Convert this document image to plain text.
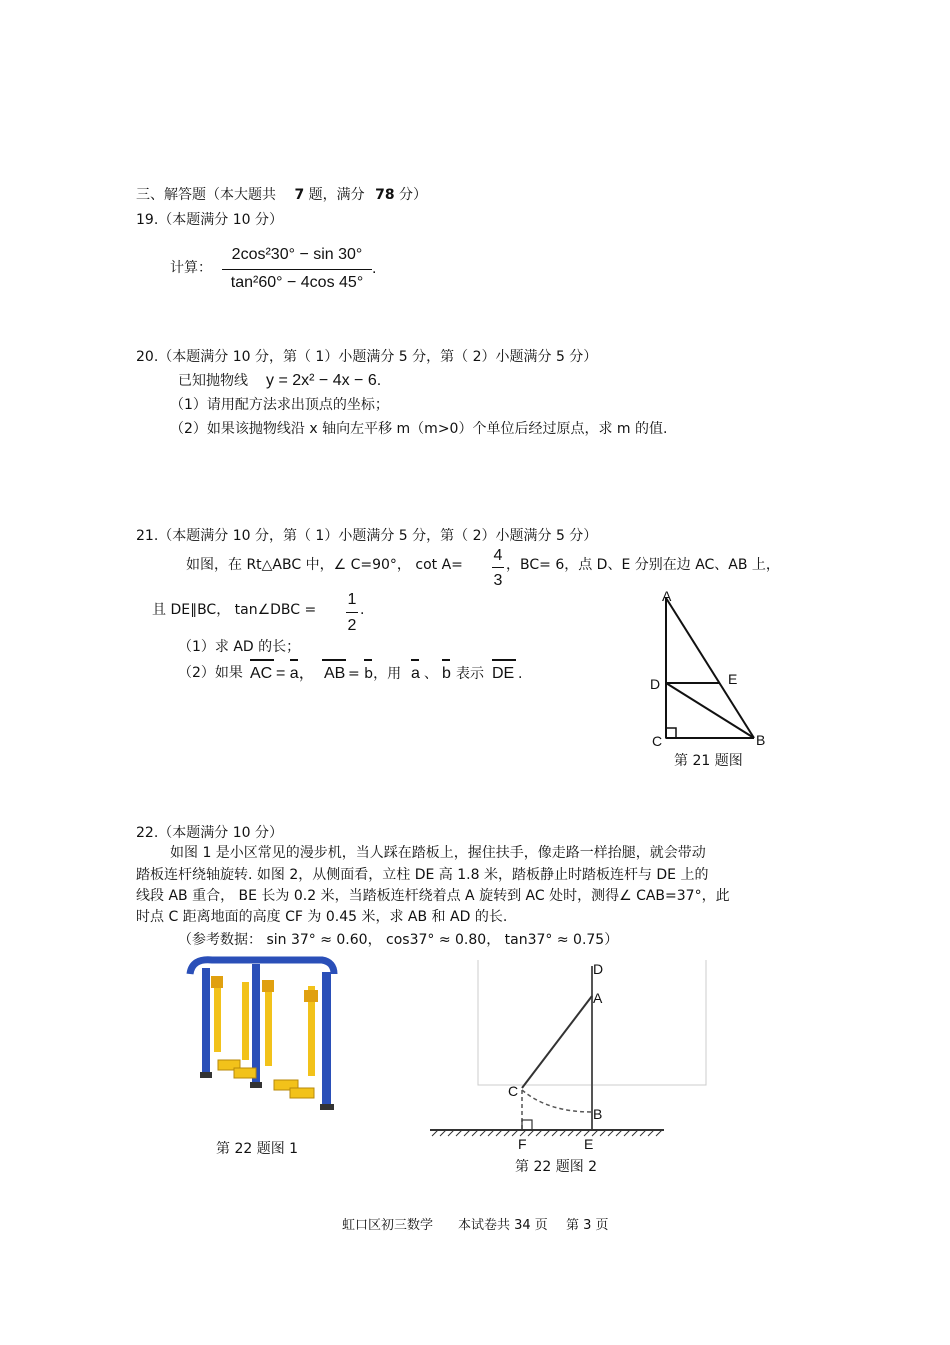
三、解答题（本大题共 7 题，满分 78 分）
19.（本题满分 10 分）
计算：
2cos²30° − sin 30°
tan²60° − 4cos 45°
.
20.（本题满分 10 分，第（ 1）小题满分 5 分，第（ 2）小题满分 5 分）
已知抛物线 y = 2x² − 4x − 6.
（1）请用配方法求出顶点的坐标；
（2）如果该抛物线沿 x 轴向左平移 m（m>0）个单位后经过原点，求 m 的值.
21.（本题满分 10 分，第（ 1）小题满分 5 分，第（ 2）小题满分 5 分）
如图，在 Rt△ABC 中，∠ C=90°， cot A=
4
3
，BC= 6，点 D、E 分别在边 AC、AB 上，
且 DE∥BC， tan∠DBC =
1
2
.
（1）求 AD 的长；
（2）如果 AC = a， AB = b，用 a 、 b 表示 DE .
A
D	E
C	B
第 21 题图
22.（本题满分 10 分）
如图 1 是小区常见的漫步机，当人踩在踏板上，握住扶手，像走路一样抬腿，就会带动
踏板连杆绕轴旋转. 如图 2，从侧面看，立柱 DE 高 1.8 米，踏板静止时踏板连杆与 DE 上的
线段 AB 重合， BE 长为 0.2 米，当踏板连杆绕着点 A 旋转到 AC 处时，测得∠ CAB=37°，此
时点 C 距离地面的高度 CF 为 0.45 米，求 AB 和 AD 的长.
（参考数据： sin 37° ≈ 0.60， cos37° ≈ 0.80， tan37° ≈ 0.75）
第 22 题图 1
D
A
C
B
F	E
第 22 题图 2
虹口区初三数学 本试卷共 34 页 第 3 页
